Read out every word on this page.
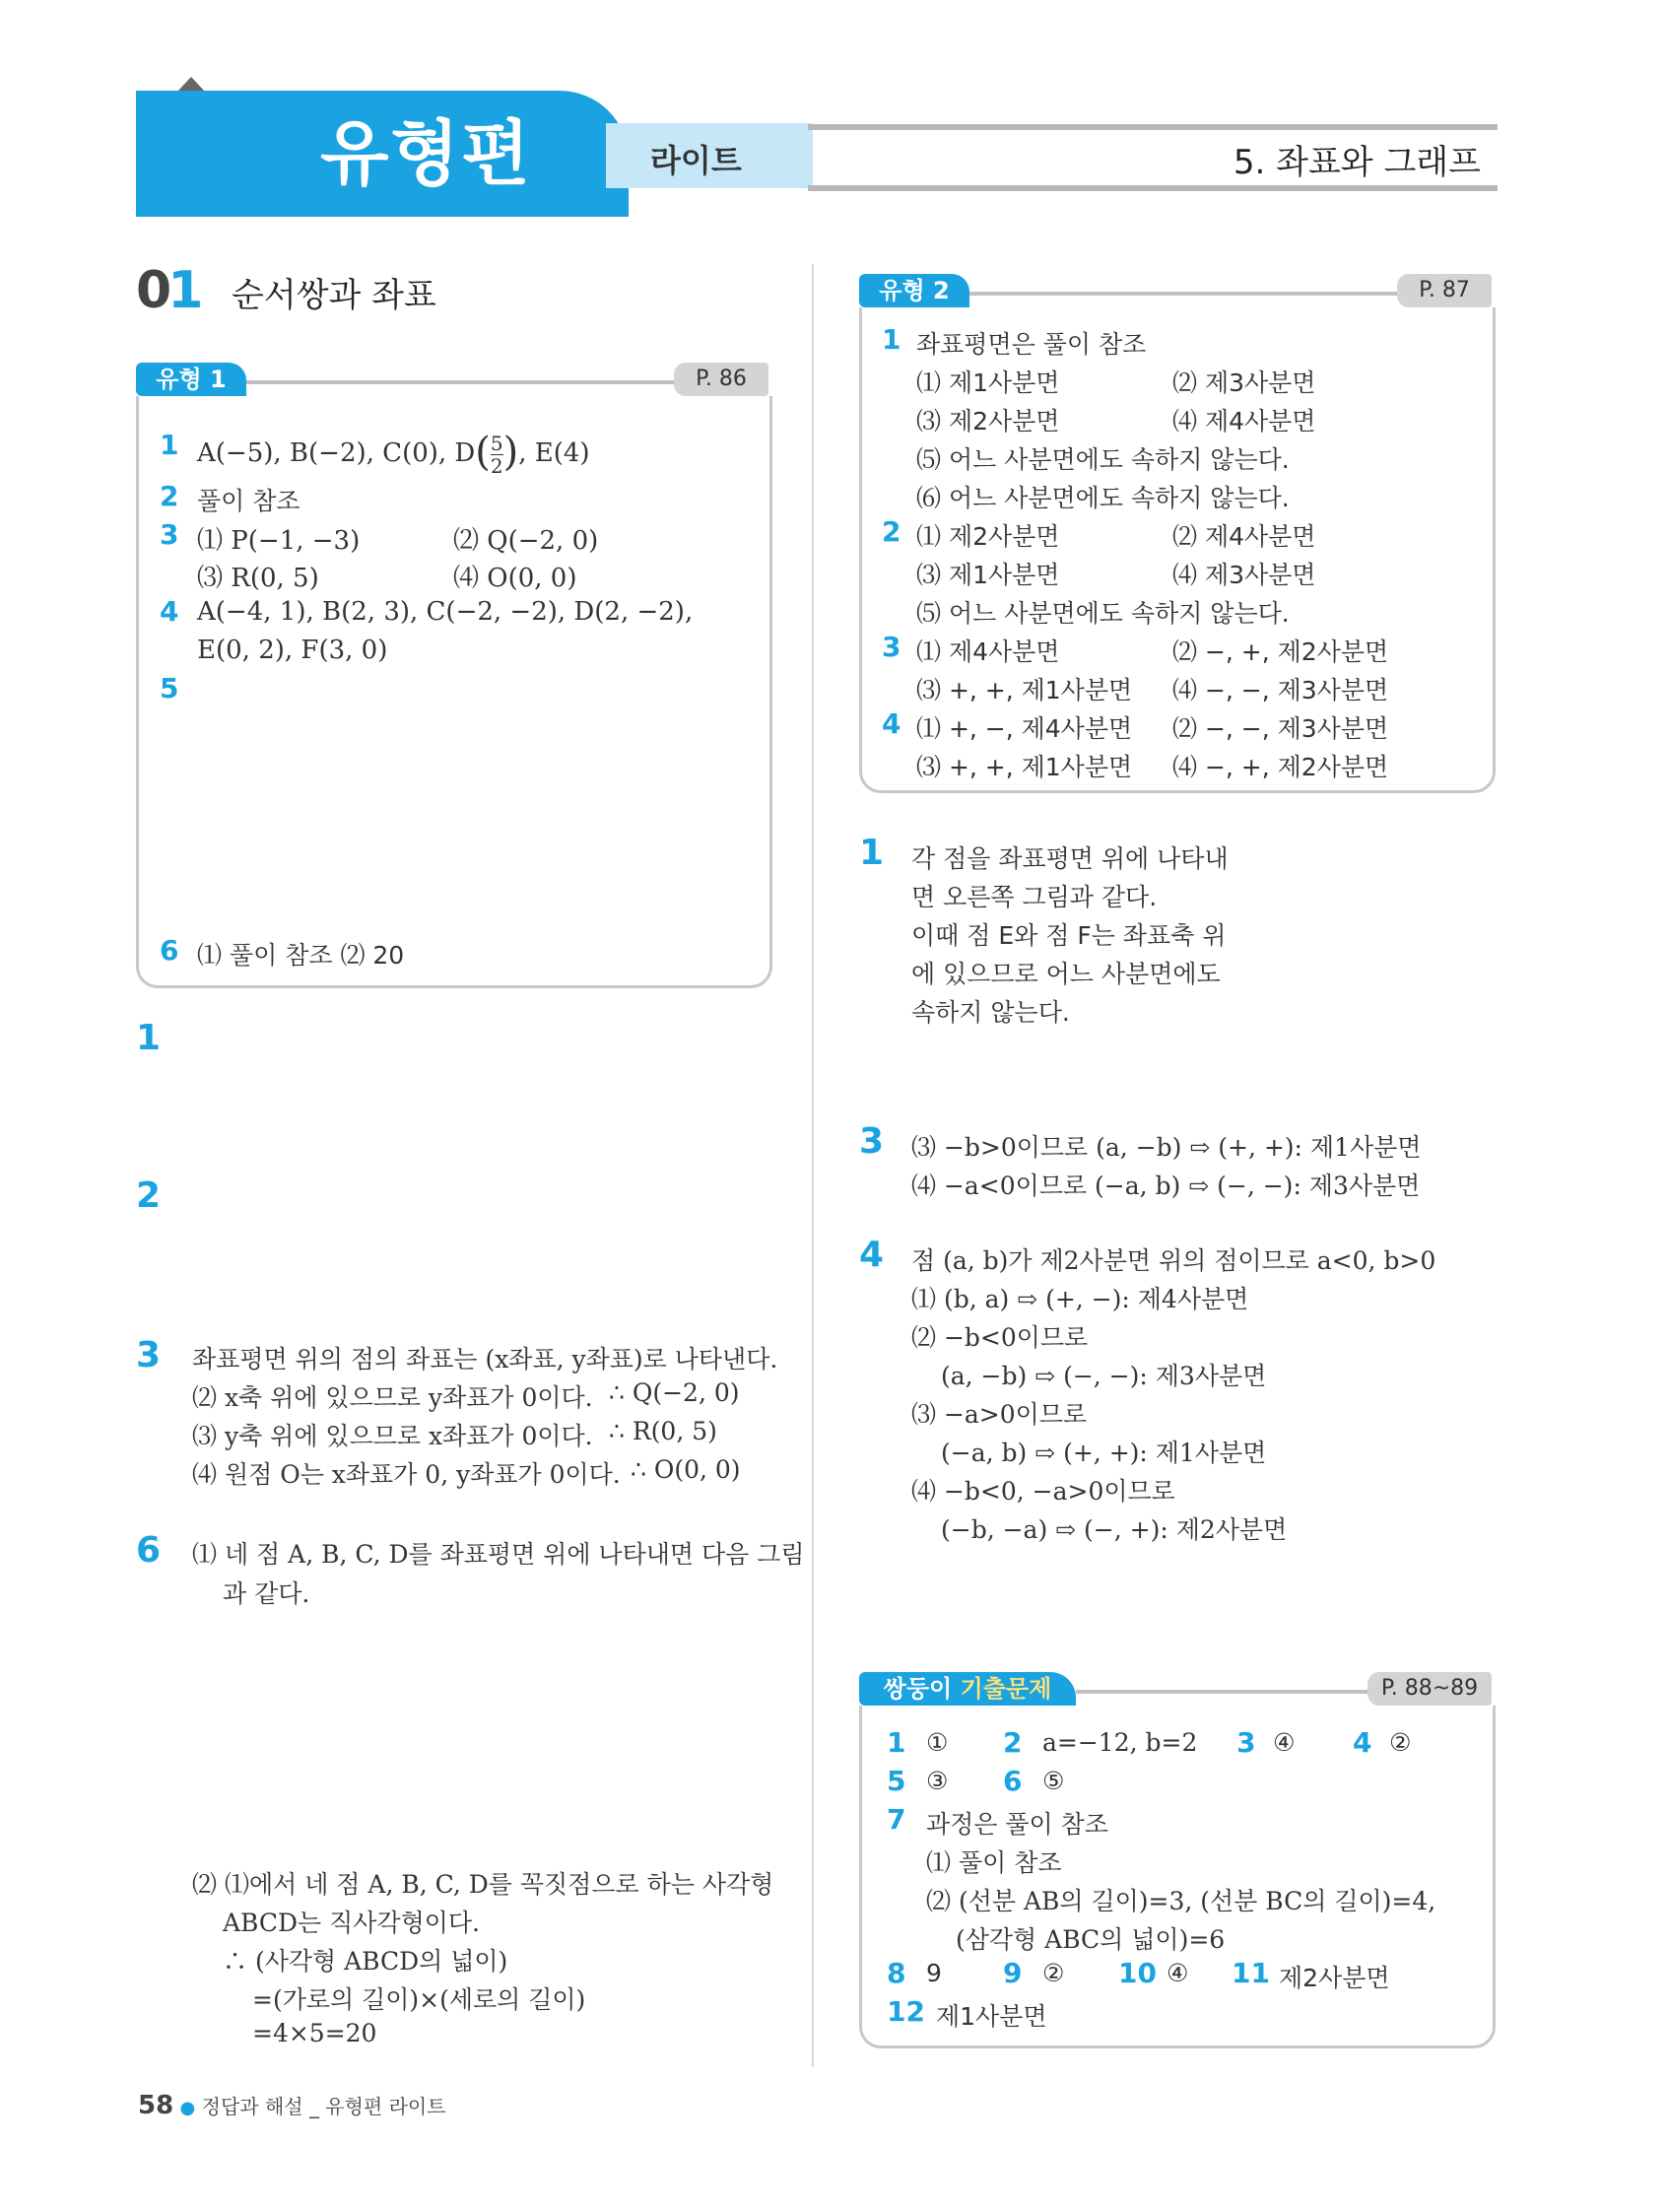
유형편	라이트	5. 좌표와 그래프
01 순서쌍과 좌표
유형 1	P. 86
1 A(−5), B(−2), C(0), $D( \frac{5}{2}$ ), E(4)
2 풀이 참조
3 ⑴ P(−1, −3)	⑵ Q(−2, 0)
⑶ R(0, 5)	⑷ O(0, 0)
4 A(−4, 1), B(2, 3), C(−2, −2), D(2, −2),
E(0, 2), F(3, 0)
5
6 ⑴ 풀이 참조 ⑵ 20
1
2
3 좌표평면 위의 점의 좌표는 (x좌표, y좌표)로 나타낸다.
⑵ x축 위에 있으므로 y좌표가 0이다. ∴ Q(−2, 0)
⑶ y축 위에 있으므로 x좌표가 0이다. ∴ R(0, 5)
⑷ 원점 O는 x좌표가 0, y좌표가 0이다. ∴ O(0, 0)
6 ⑴ 네 점 A, B, C, D를 좌표평면 위에 나타내면 다음 그림
과 같다.
⑵ ⑴에서 네 점 A, B, C, D를 꼭짓점으로 하는 사각형
ABCD는 직사각형이다.
∴ (사각형 ABCD의 넓이)
=(가로의 길이)×(세로의 길이)
=4×5=20
유형 2	P. 87
1 좌표평면은 풀이 참조
⑴ 제1사분면	⑵ 제3사분면
⑶ 제2사분면	⑷ 제4사분면
⑸ 어느 사분면에도 속하지 않는다.
⑹ 어느 사분면에도 속하지 않는다.
2 ⑴ 제2사분면	⑵ 제4사분면
⑶ 제1사분면	⑷ 제3사분면
⑸ 어느 사분면에도 속하지 않는다.
3 ⑴ 제4사분면	⑵ −, +, 제2사분면
⑶ +, +, 제1사분면 ⑷ −, −, 제3사분면
4 ⑴ +, −, 제4사분면 ⑵ −, −, 제3사분면
⑶ +, +, 제1사분면 ⑷ −, +, 제2사분면
1 각 점을 좌표평면 위에 나타내
면 오른쪽 그림과 같다.
이때 점 E와 점 F는 좌표축 위
에 있으므로 어느 사분면에도
속하지 않는다.
3 ⑶ −b>0이므로 (a, −b) ⇨ (+, +): 제1사분면
⑷ −a<0이므로 (−a, b) ⇨ (−, −): 제3사분면
4 점 (a, b)가 제2사분면 위의 점이므로 a<0, b>0
⑴ (b, a) ⇨ (+, −): 제4사분면
⑵ −b<0이므로
(a, −b) ⇨ (−, −): 제3사분면
⑶ −a>0이므로
(−a, b) ⇨ (+, +): 제1사분면
⑷ −b<0, −a>0이므로
(−b, −a) ⇨ (−, +): 제2사분면
쌍둥이 기출문제	P. 88~89
1 ① 2 a=−12, b=2 3 ④ 4 ②
5 ③ 6 ⑤
7 과정은 풀이 참조
⑴ 풀이 참조
⑵ (선분 AB의 길이)=3, (선분 BC의 길이)=4,
(삼각형 ABC의 넓이)=6
8 9 9 ② 10 ④ 11 제2사분면
12 제1사분면
58 ● 정답과 해설 _ 유형편 라이트
